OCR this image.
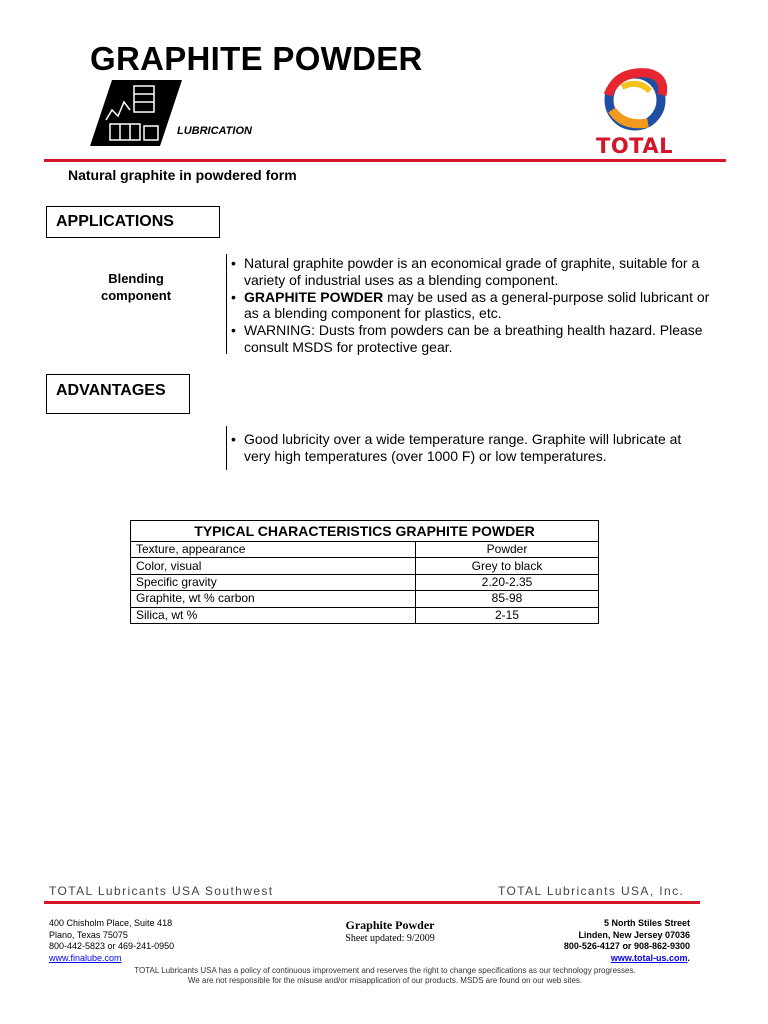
GRAPHITE POWDER
LUBRICATION
TOTAL
Natural graphite in powdered form
APPLICATIONS
Blending
component
• Natural graphite powder is an economical grade of graphite, suitable for a variety of industrial uses as a blending component.
• GRAPHITE POWDER may be used as a general-purpose solid lubricant or as a blending component for plastics, etc.
• WARNING: Dusts from powders can be a breathing health hazard. Please consult MSDS for protective gear.
ADVANTAGES
• Good lubricity over a wide temperature range. Graphite will lubricate at very high temperatures (over 1000 F) or low temperatures.
TYPICAL CHARACTERISTICS GRAPHITE POWDER	
Texture, appearance	Powder
Color, visual	Grey to black
Specific gravity	2.20-2.35
Graphite, wt % carbon	85-98
Silica, wt %	2-15
TOTAL Lubricants USA Southwest	TOTAL Lubricants USA, Inc.
400 Chisholm Place, Suite 418
Plano, Texas 75075
800-442-5823 or 469-241-0950
www.finalube.com
Graphite Powder
Sheet updated: 9/2009
5 North Stiles Street
Linden, New Jersey 07036
800-526-4127 or 908-862-9300
www.total-us.com.
TOTAL Lubricants USA has a policy of continuous improvement and reserves the right to change specifications as our technology progresses.
We are not responsible for the misuse and/or misapplication of our products. MSDS are found on our web sites.
